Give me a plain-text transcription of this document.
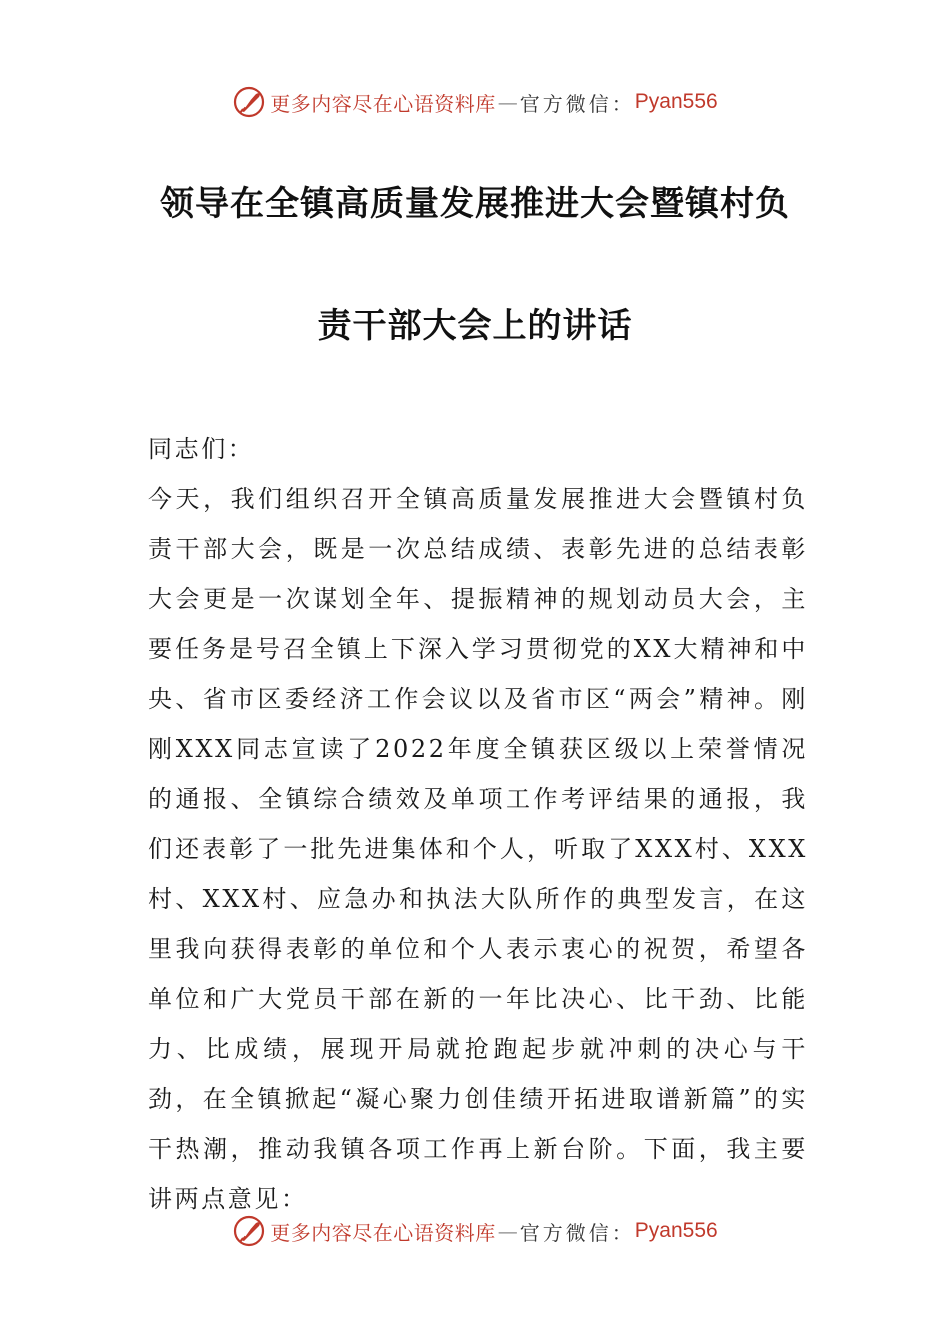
更多内容尽在心语资料库 — 官方微信： Pyan556
领导在全镇高质量发展推进大会暨镇村负
责干部大会上的讲话

同志们：

今天，我们组织召开全镇高质量发展推进大会暨镇村负责干部大会，既是一次总结成绩、表彰先进的总结表彰大会更是一次谋划全年、提振精神的规划动员大会，主要任务是号召全镇上下深入学习贯彻党的XX大精神和中央、省市区委经济工作会议以及省市区“两会”精神。刚刚XXX同志宣读了2022年度全镇获区级以上荣誉情况的通报、全镇综合绩效及单项工作考评结果的通报，我们还表彰了一批先进集体和个人，听取了XXX村、XXX村、XXX村、应急办和执法大队所作的典型发言，在这里我向获得表彰的单位和个人表示衷心的祝贺，希望各单位和广大党员干部在新的一年比决心、比干劲、比能力、比成绩，展现开局就抢跑起步就冲刺的决心与干劲，在全镇掀起“凝心聚力创佳绩开拓进取谱新篇”的实干热潮，推动我镇各项工作再上新台阶。下面，我主要讲两点意见：

更多内容尽在心语资料库 — 官方微信： Pyan556
